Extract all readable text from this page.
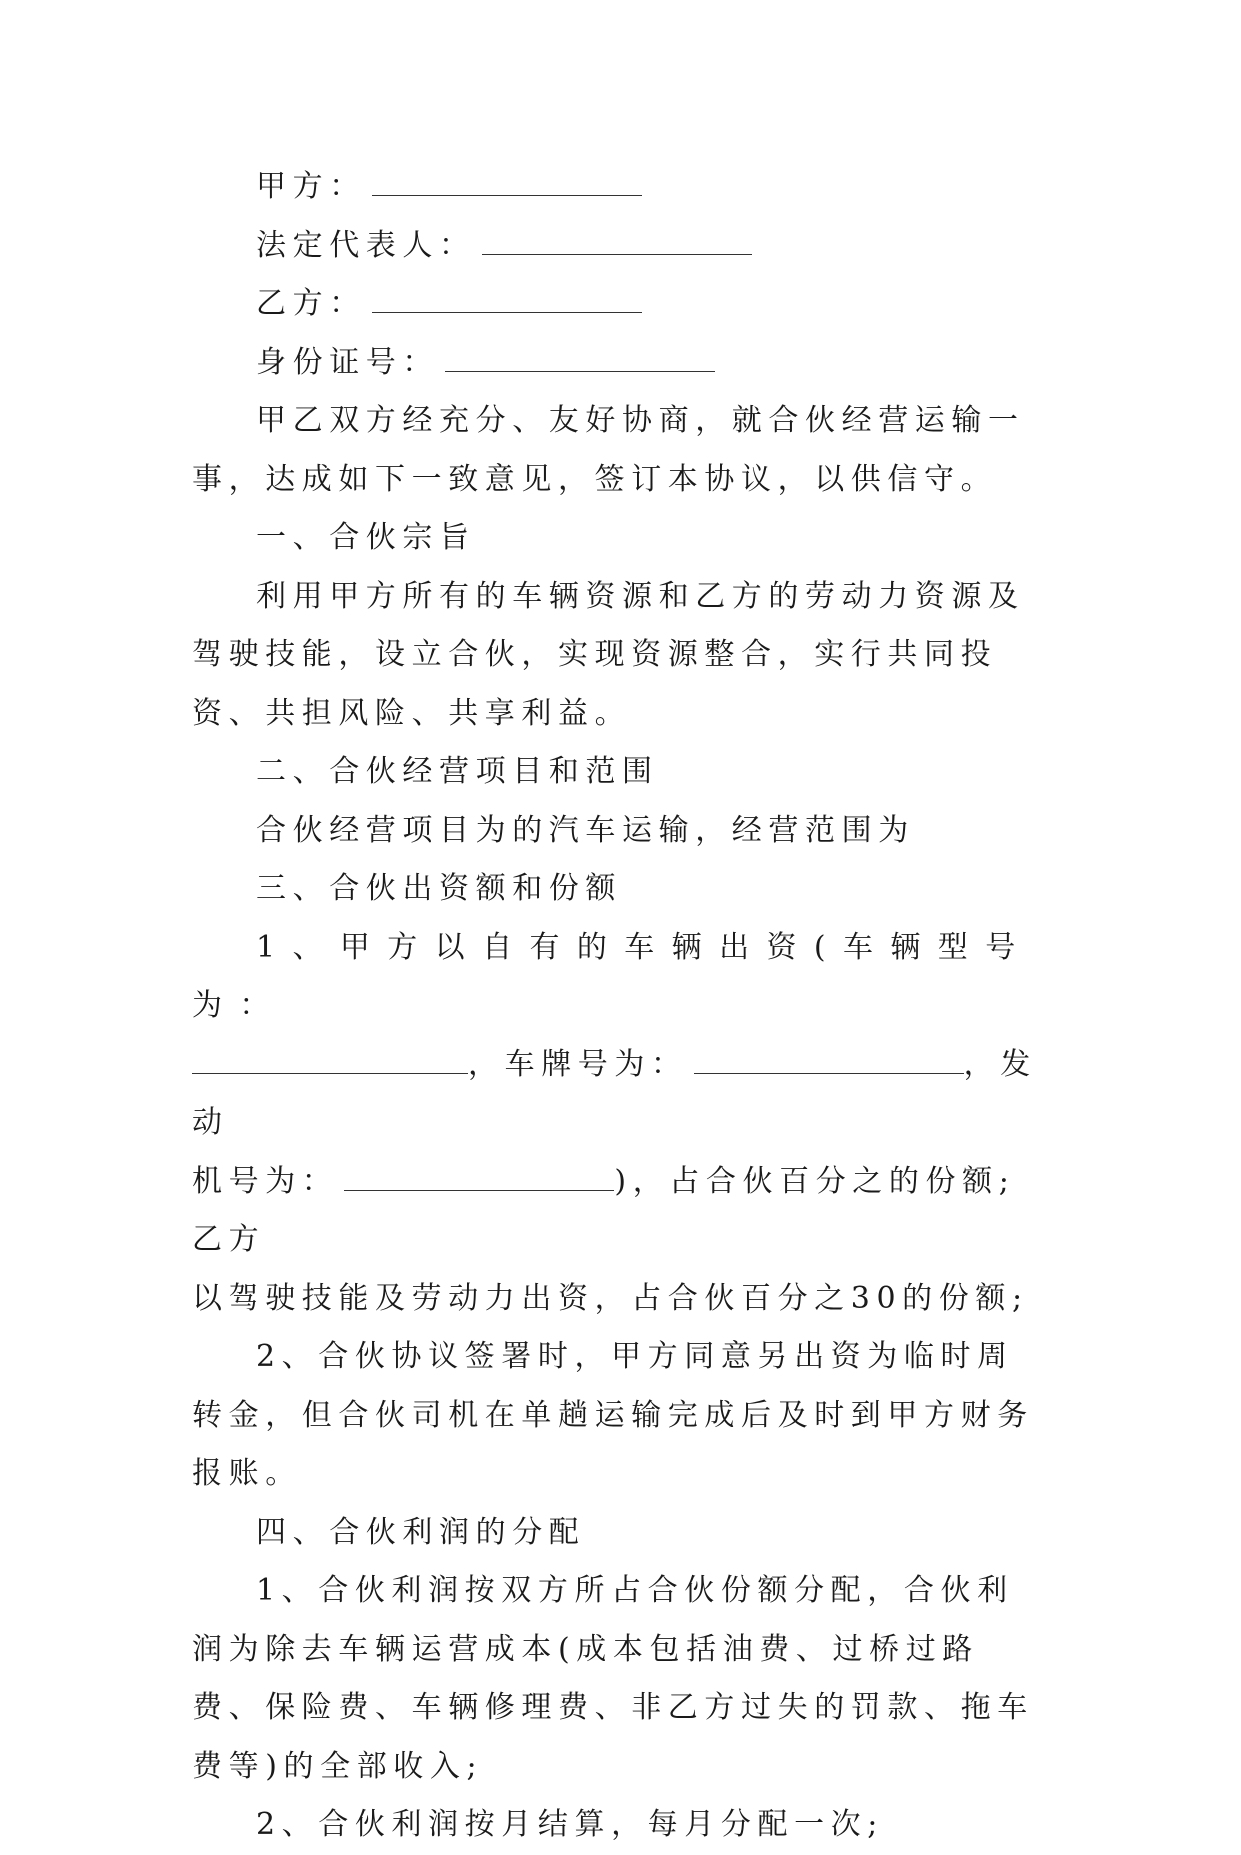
甲方：

法定代表人：

乙方：

身份证号：

甲乙双方经充分、友好协商，就合伙经营运输一事，达成如下一致意见，签订本协议，以供信守。

一、合伙宗旨

利用甲方所有的车辆资源和乙方的劳动力资源及驾驶技能，设立合伙，实现资源整合，实行共同投资、共担风险、共享利益。

二、合伙经营项目和范围

合伙经营项目为的汽车运输，经营范围为

三、合伙出资额和份额

1、甲方以自有的车辆出资(车辆型号为：

，车牌号为：	，发动

机号为：	)，占合伙百分之的份额;乙方

以驾驶技能及劳动力出资，占合伙百分之30的份额;

2、合伙协议签署时，甲方同意另出资为临时周转金，但合伙司机在单趟运输完成后及时到甲方财务报账。

四、合伙利润的分配

1、合伙利润按双方所占合伙份额分配，合伙利润为除去车辆运营成本(成本包括油费、过桥过路费、保险费、车辆修理费、非乙方过失的罚款、拖车费等)的全部收入;

2、合伙利润按月结算，每月分配一次;
